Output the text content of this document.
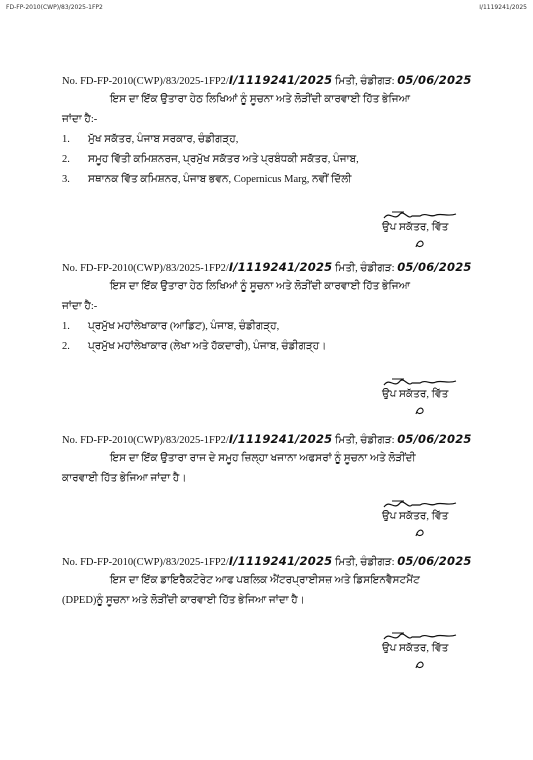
FD-FP-2010(CWP)/83/2025-1FP2	I/1119241/2025
No. FD-FP-2010(CWP)/83/2025-1FP2/I/1119241/2025 ਮਿਤੀ, ਚੰਡੀਗੜ: 05/06/2025
ਇਸ ਦਾ ਇੱਕ ਉਤਾਰਾ ਹੇਠ ਲਿਖਿਆਂ ਨੂੰ ਸੂਚਨਾ ਅਤੇ ਲੋੜੀਂਦੀ ਕਾਰਵਾਈ ਹਿੱਤ ਭੇਜਿਆ
ਜਾਂਦਾ ਹੈ:-
1.	ਮੁੱਖ ਸਕੱਤਰ, ਪੰਜਾਬ ਸਰਕਾਰ, ਚੰਡੀਗੜ੍ਹ,
2.	ਸਮੂਹ ਵਿੱਤੀ ਕਮਿਸ਼ਨਰਜ, ਪ੍ਰਮੁੱਖ ਸਕੱਤਰ ਅਤੇ ਪ੍ਰਬੰਧਕੀ ਸਕੱਤਰ, ਪੰਜਾਬ,
3.	ਸਥਾਨਕ ਵਿੱਤ ਕਮਿਸ਼ਨਰ, ਪੰਜਾਬ ਭਵਨ, Copernicus Marg, ਨਵੀਂ ਦਿੱਲੀ
ਉਪ ਸਕੱਤਰ, ਵਿੱਤ
No. FD-FP-2010(CWP)/83/2025-1FP2/I/1119241/2025 ਮਿਤੀ, ਚੰਡੀਗੜ: 05/06/2025
ਇਸ ਦਾ ਇੱਕ ਉਤਾਰਾ ਹੇਠ ਲਿਖਿਆਂ ਨੂੰ ਸੂਚਨਾ ਅਤੇ ਲੋੜੀਂਦੀ ਕਾਰਵਾਈ ਹਿੱਤ ਭੇਜਿਆ
ਜਾਂਦਾ ਹੈ:-
1.	ਪ੍ਰਮੁੱਖ ਮਹਾਂਲੇਖਾਕਾਰ (ਆਡਿਟ), ਪੰਜਾਬ, ਚੰਡੀਗੜ੍ਹ,
2.	ਪ੍ਰਮੁੱਖ ਮਹਾਂਲੇਖਾਕਾਰ (ਲੇਖਾ ਅਤੇ ਹੱਕਦਾਰੀ), ਪੰਜਾਬ, ਚੰਡੀਗੜ੍ਹ।
ਉਪ ਸਕੱਤਰ, ਵਿੱਤ
No. FD-FP-2010(CWP)/83/2025-1FP2/I/1119241/2025 ਮਿਤੀ, ਚੰਡੀਗੜ: 05/06/2025
ਇਸ ਦਾ ਇੱਕ ਉਤਾਰਾ ਰਾਜ ਦੇ ਸਮੂਹ ਜ਼ਿਲ੍ਹਾ ਖਜਾਨਾ ਅਫਸਰਾਂ ਨੂੰ ਸੂਚਨਾ ਅਤੇ ਲੋੜੀਂਦੀ
ਕਾਰਵਾਈ ਹਿੱਤ ਭੇਜਿਆ ਜਾਂਦਾ ਹੈ।
ਉਪ ਸਕੱਤਰ, ਵਿੱਤ
No. FD-FP-2010(CWP)/83/2025-1FP2/I/1119241/2025 ਮਿਤੀ, ਚੰਡੀਗੜ: 05/06/2025
ਇਸ ਦਾ ਇੱਕ ਡਾਇਰੈਕਟੋਰੇਟ ਆਫ ਪਬਲਿਕ ਐਂਟਰਪ੍ਰਾਈਸਜ਼ ਅਤੇ ਡਿਸਇਨਵੈਸਟਮੈਂਟ
(DPED)ਨੂੰ ਸੂਚਨਾ ਅਤੇ ਲੋੜੀਂਦੀ ਕਾਰਵਾਈ ਹਿੱਤ ਭੇਜਿਆ ਜਾਂਦਾ ਹੈ।
ਉਪ ਸਕੱਤਰ, ਵਿੱਤ
